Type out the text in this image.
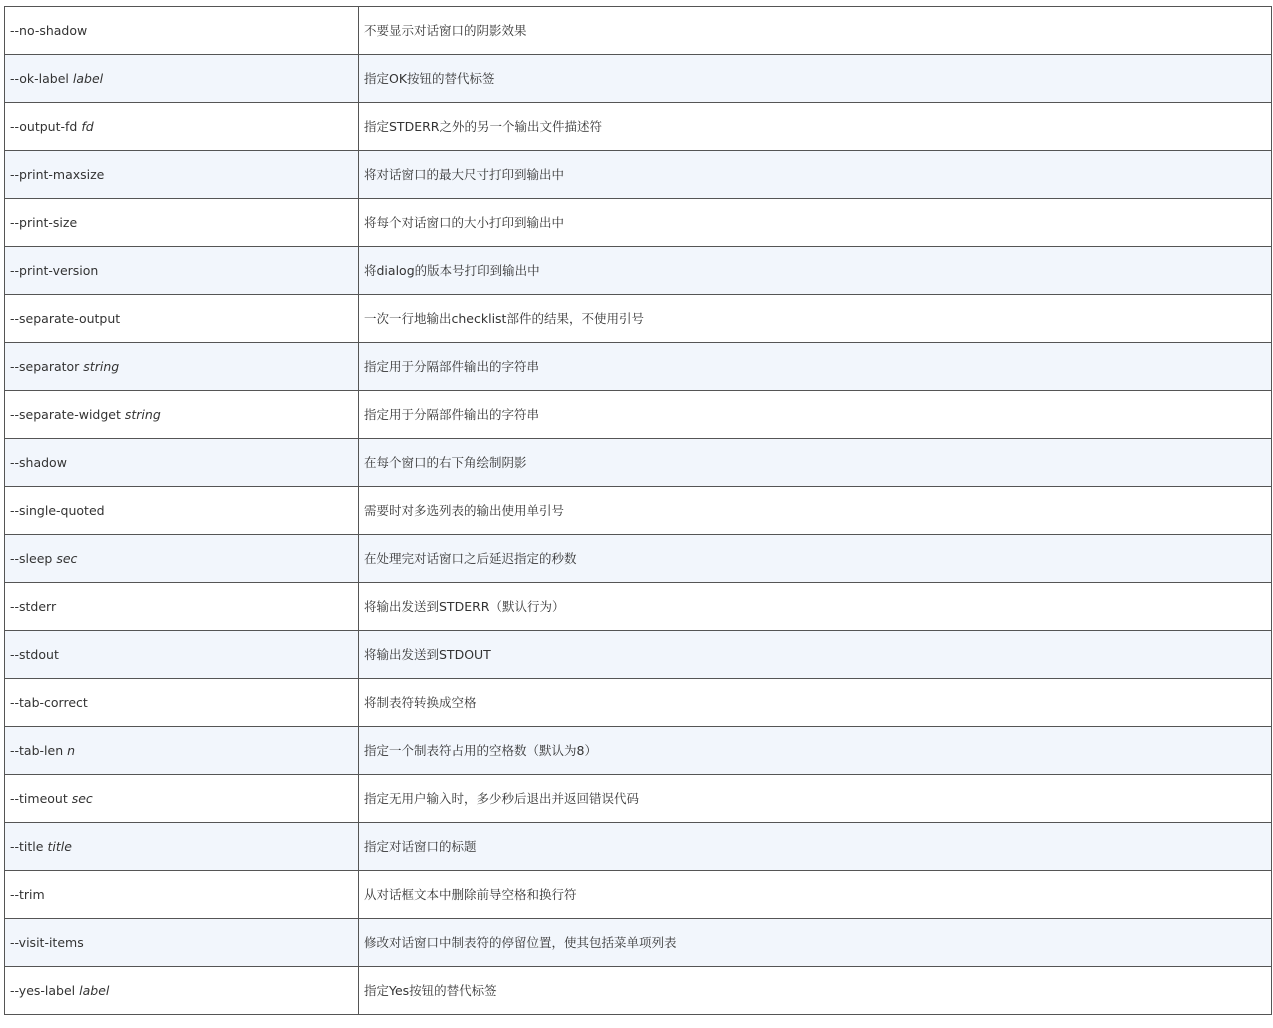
--no-shadow	不要显示对话窗口的阴影效果
--ok-label label	指定OK按钮的替代标签
--output-fd fd	指定STDERR之外的另一个输出文件描述符
--print-maxsize	将对话窗口的最大尺寸打印到输出中
--print-size	将每个对话窗口的大小打印到输出中
--print-version	将dialog的版本号打印到输出中
--separate-output	一次一行地输出checklist部件的结果，不使用引号
--separator string	指定用于分隔部件输出的字符串
--separate-widget string	指定用于分隔部件输出的字符串
--shadow	在每个窗口的右下角绘制阴影
--single-quoted	需要时对多选列表的输出使用单引号
--sleep sec	在处理完对话窗口之后延迟指定的秒数
--stderr	将输出发送到STDERR（默认行为）
--stdout	将输出发送到STDOUT
--tab-correct	将制表符转换成空格
--tab-len n	指定一个制表符占用的空格数（默认为8）
--timeout sec	指定无用户输入时，多少秒后退出并返回错误代码
--title title	指定对话窗口的标题
--trim	从对话框文本中删除前导空格和换行符
--visit-items	修改对话窗口中制表符的停留位置，使其包括菜单项列表
--yes-label label	指定Yes按钮的替代标签
